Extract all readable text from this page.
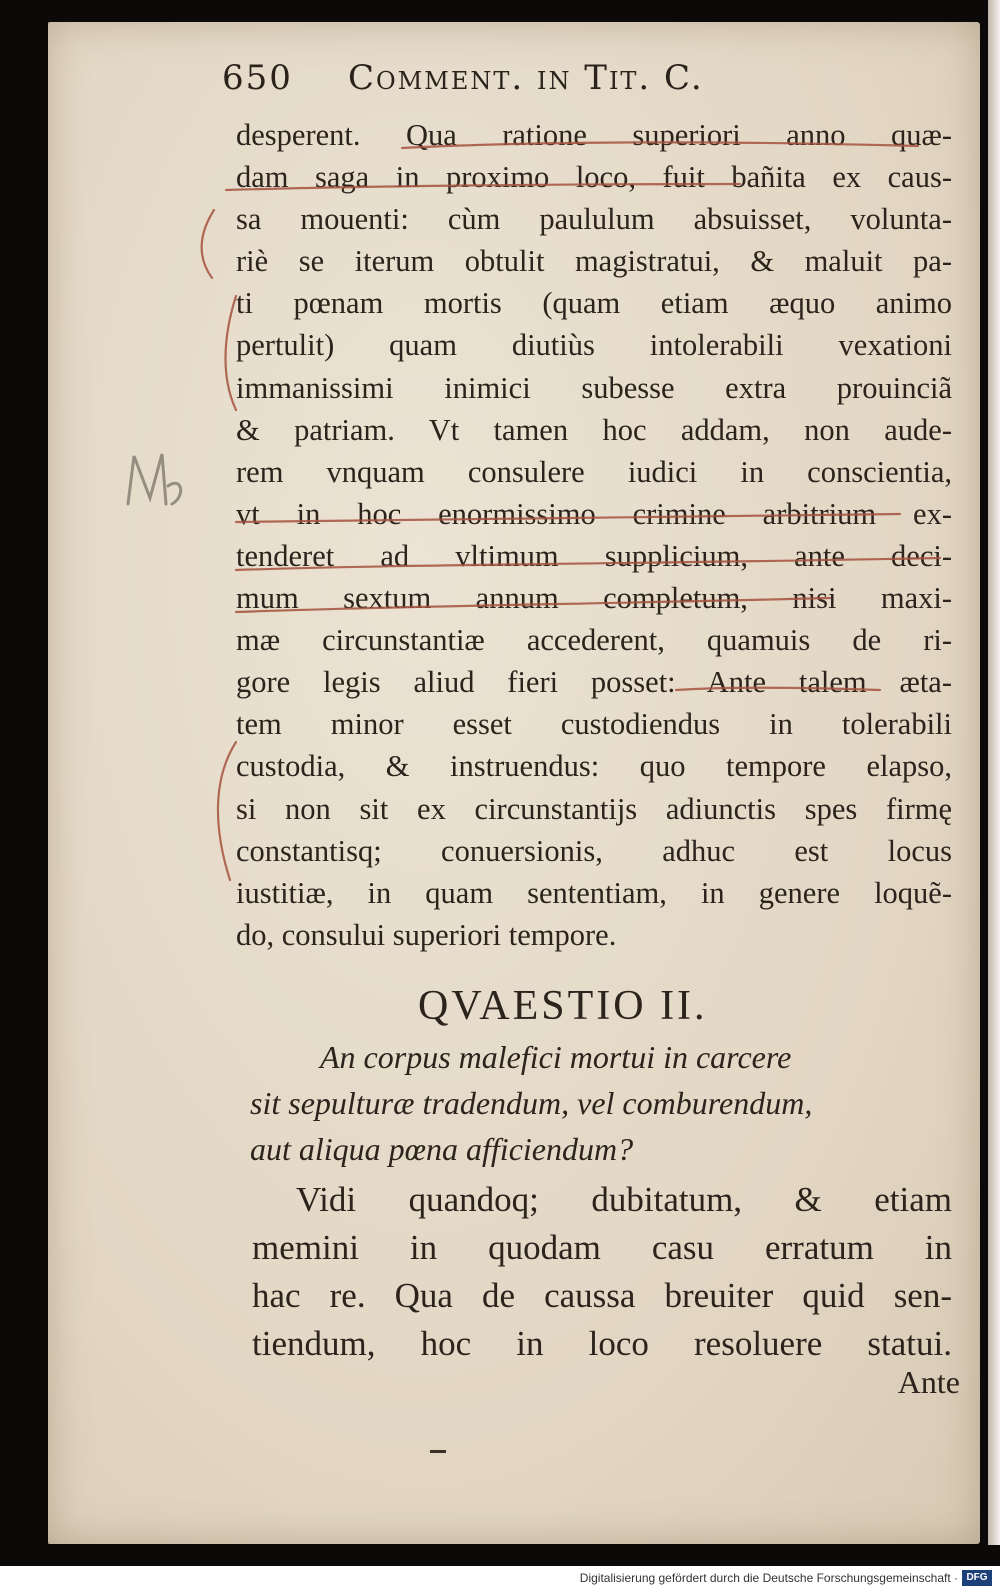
650 Comment. in Tit. C.
desperent. Qua ratione superiori anno quæ-
dam saga in proximo loco, fuit bañita ex caus-
sa mouenti: cùm paululum absuisset, volunta-
riè se iterum obtulit magistratui, & maluit pa-
ti pœnam mortis (quam etiam æquo animo
pertulit) quam diutiùs intolerabili vexationi
immanissimi inimici subesse extra prouinciã
& patriam. Vt tamen hoc addam, non aude-
rem vnquam consulere iudici in conscientia,
vt in hoc enormissimo crimine arbitrium ex-
tenderet ad vltimum supplicium, ante deci-
mum sextum annum completum, nisi maxi-
mæ circunstantiæ accederent, quamuis de ri-
gore legis aliud fieri posset: Ante talem æta-
tem minor esset custodiendus in tolerabili
custodia, & instruendus: quo tempore elapso,
si non sit ex circunstantijs adiunctis spes firmę
constantisq; conuersionis, adhuc est locus
iustitiæ, in quam sententiam, in genere loquẽ-
do, consului superiori tempore.
QVAESTIO II.
An corpus malefici mortui in carcere
sit sepulturæ tradendum, vel comburendum,
aut aliqua pœna afficiendum?
Vidi quandoq; dubitatum, & etiam
memini in quodam casu erratum in
hac re. Qua de caussa breuiter quid sen-
tiendum, hoc in loco resoluere statui.
Ante
Digitalisierung gefördert durch die Deutsche Forschungsgemeinschaft · DFG
